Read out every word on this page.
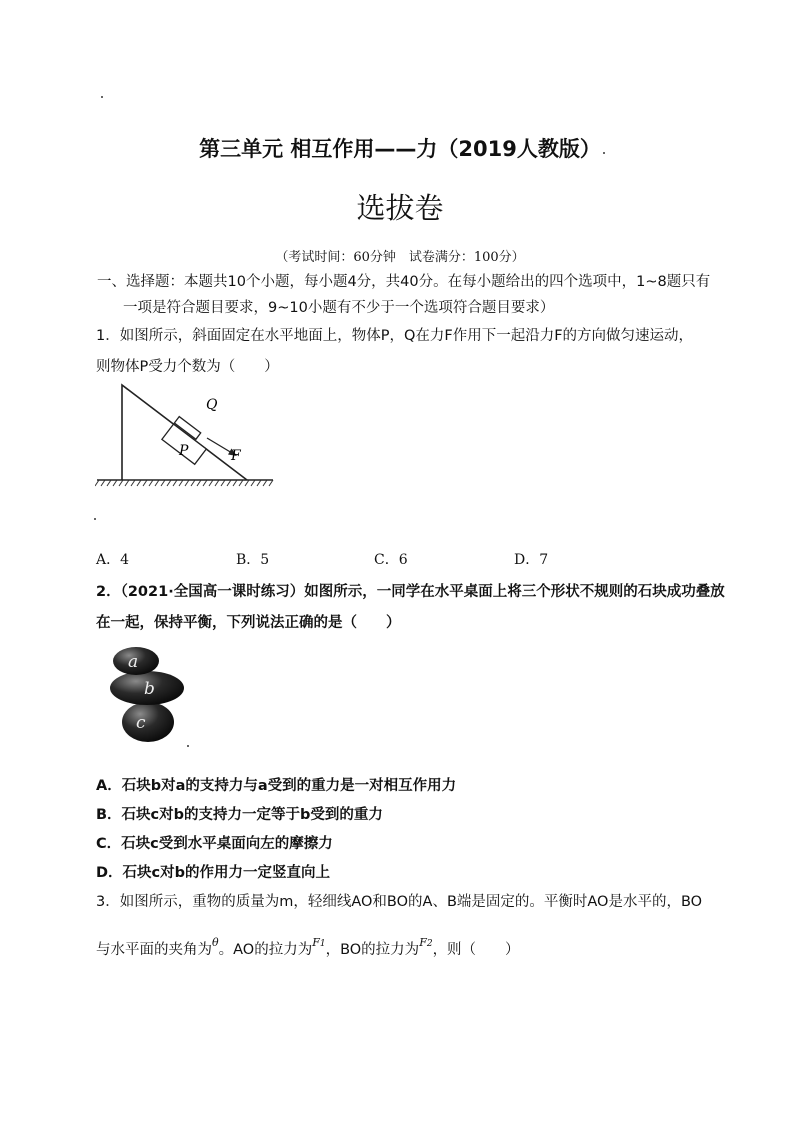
第三单元 相互作用——力（2019人教版）
选拔卷
（考试时间：60分钟　试卷满分：100分）
一、选择题：本题共10个小题，每小题4分，共40分。在每小题给出的四个选项中，1~8题只有
一项是符合题目要求，9~10小题有不少于一个选项符合题目要求）
1．如图所示，斜面固定在水平地面上，物体P，Q在力F作用下一起沿力F的方向做匀速运动，
则物体P受力个数为（　　）
P
Q
F
A．4	B．5	C．6	D．7
2．（2021·全国高一课时练习）如图所示，一同学在水平桌面上将三个形状不规则的石块成功叠放
在一起，保持平衡，下列说法正确的是（　　）
a
b
c
A．石块b对a的支持力与a受到的重力是一对相互作用力
B．石块c对b的支持力一定等于b受到的重力
C．石块c受到水平桌面向左的摩擦力
D．石块c对b的作用力一定竖直向上
3．如图所示，重物的质量为m，轻细线AO和BO的A、B端是固定的。平衡时AO是水平的，BO
与水平面的夹角为$^\theta$。AO的拉力为$^{F1}$，BO的拉力为$^{F2}$，则（　　）
